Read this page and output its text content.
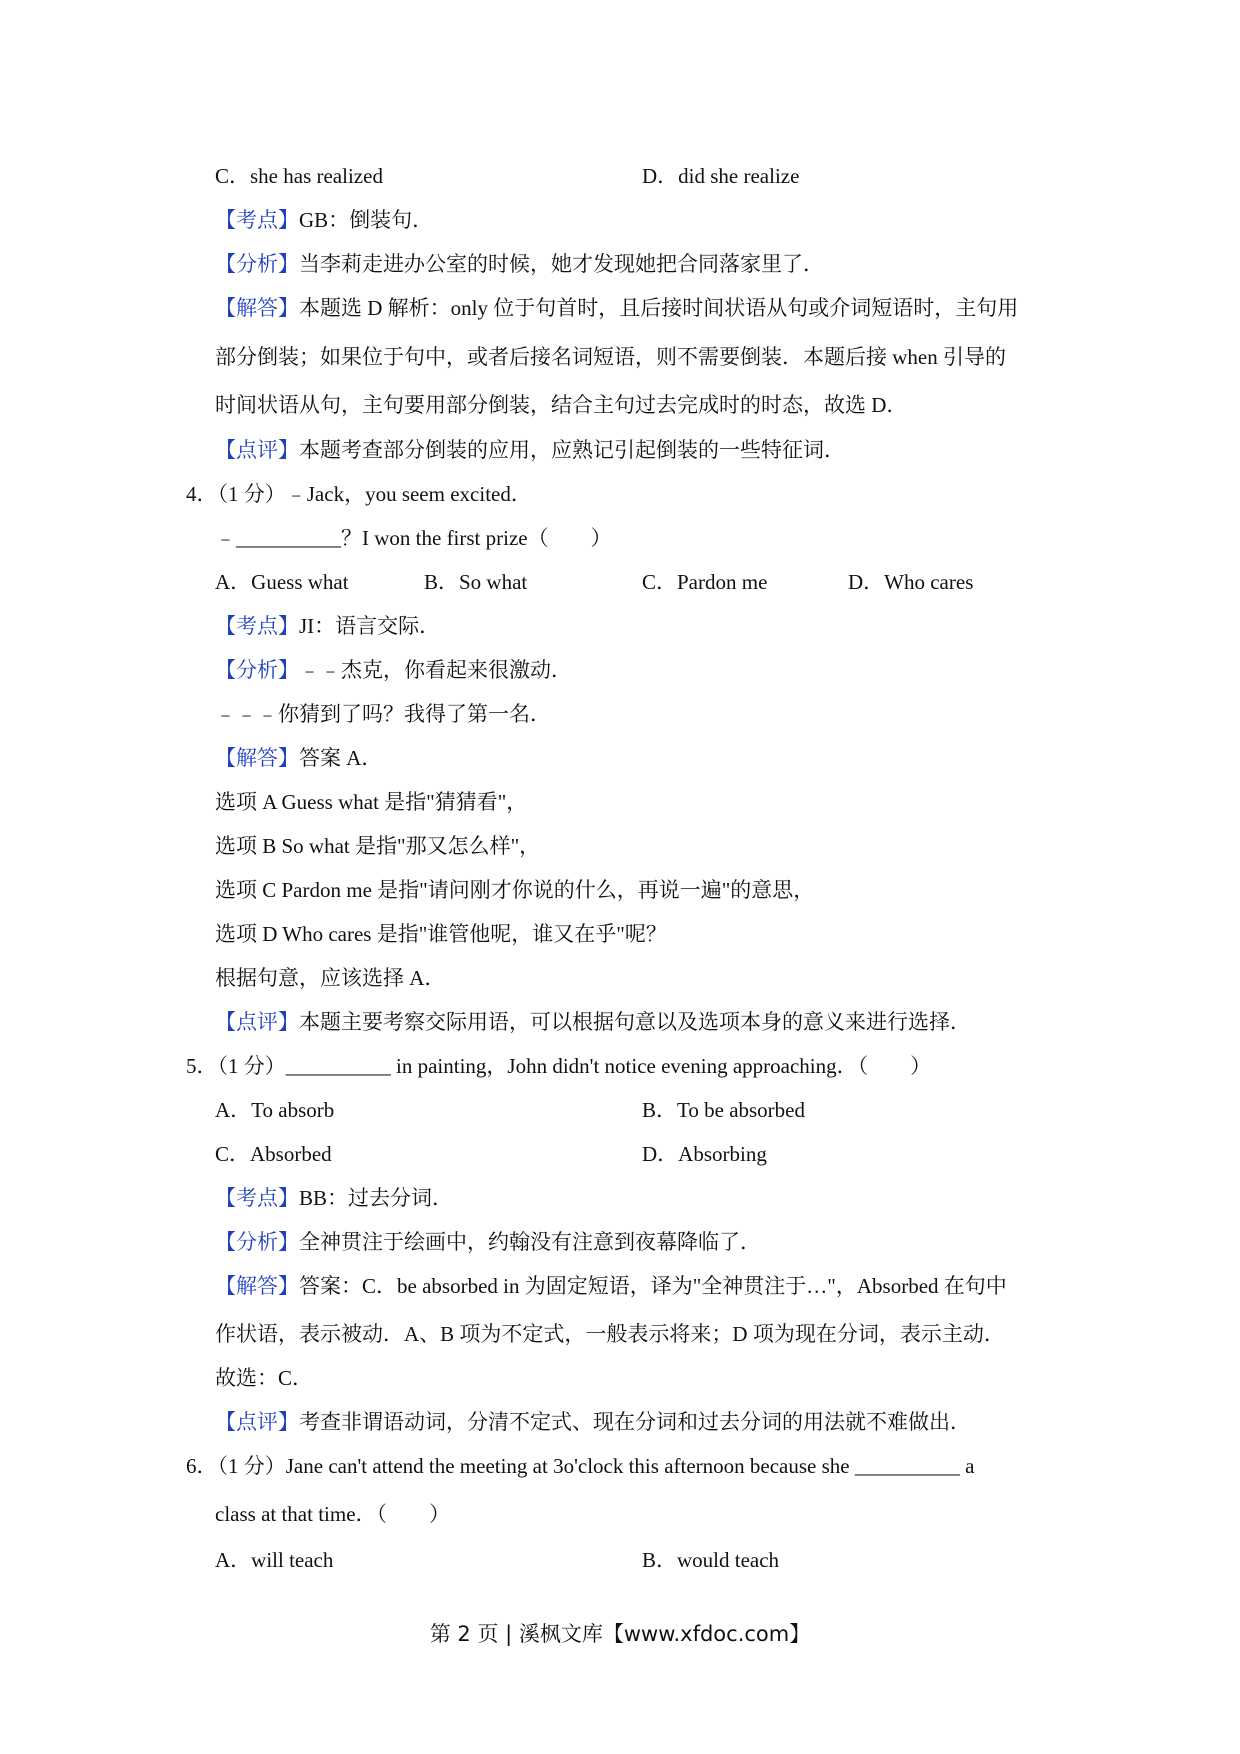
C．she has realized	D．did she realize
【考点】GB：倒装句．
【分析】当李莉走进办公室的时候，她才发现她把合同落家里了．
【解答】本题选 D 解析：only 位于句首时，且后接时间状语从句或介词短语时，主句用
部分倒装；如果位于句中，或者后接名词短语，则不需要倒装．本题后接 when 引导的
时间状语从句，主句要用部分倒装，结合主句过去完成时的时态，故选 D．
【点评】本题考查部分倒装的应用，应熟记引起倒装的一些特征词．
4．（1 分）﹣Jack，you seem excited．
﹣__________？I won the first prize（　　）
A．Guess what	B．So what	C．Pardon me	D．Who cares
【考点】JI：语言交际．
【分析】﹣﹣杰克，你看起来很激动．
﹣﹣﹣你猜到了吗？我得了第一名．
【解答】答案 A．
选项 A Guess what 是指"猜猜看"，
选项 B So what 是指"那又怎么样"，
选项 C Pardon me 是指"请问刚才你说的什么，再说一遍"的意思，
选项 D Who cares 是指"谁管他呢，谁又在乎"呢？
根据句意，应该选择 A．
【点评】本题主要考察交际用语，可以根据句意以及选项本身的意义来进行选择．
5．（1 分）__________ in painting，John didn't notice evening approaching．（　　）
A．To absorb	B．To be absorbed
C．Absorbed	D．Absorbing
【考点】BB：过去分词．
【分析】全神贯注于绘画中，约翰没有注意到夜幕降临了．
【解答】答案：C．be absorbed in 为固定短语，译为"全神贯注于…"，Absorbed 在句中
作状语，表示被动．A、B 项为不定式，一般表示将来；D 项为现在分词，表示主动．
故选：C．
【点评】考查非谓语动词，分清不定式、现在分词和过去分词的用法就不难做出．
6．（1 分）Jane can't attend the meeting at 3o'clock this afternoon because she __________ a
class at that time．（　　）
A．will teach	B．would teach
第 2 页 | 溪枫文库【www.xfdoc.com】
